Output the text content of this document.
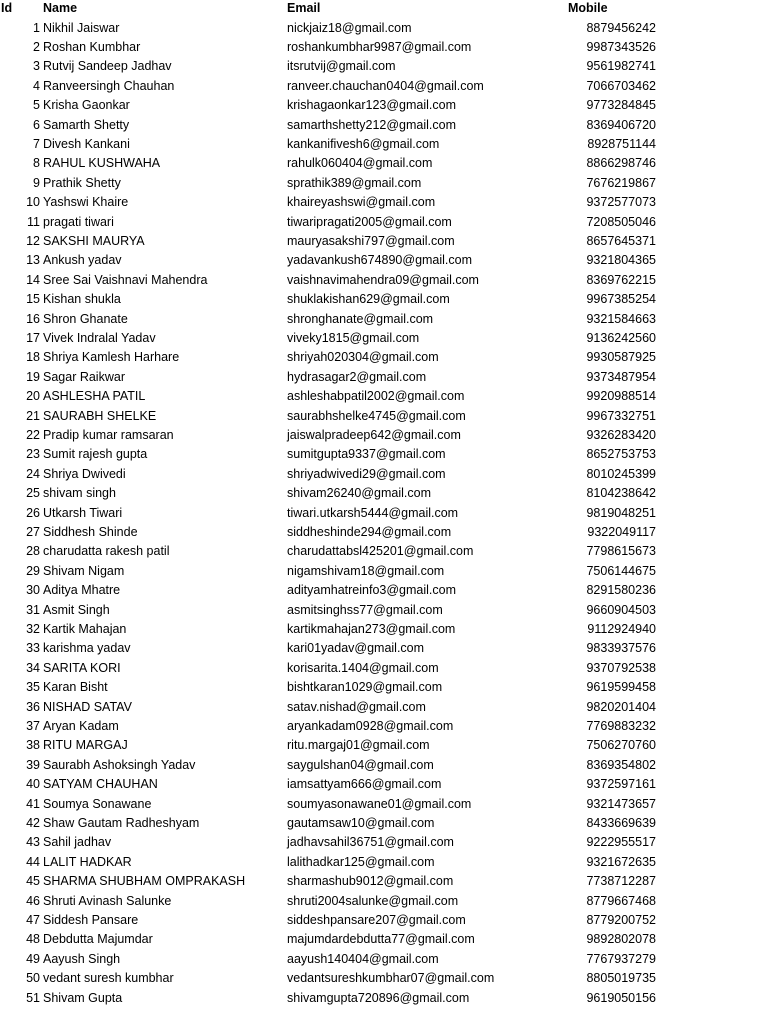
Id	Name	Email	Mobile
1 Nikhil Jaiswar	nickjaiz18@gmail.com	8879456242
2 Roshan Kumbhar	roshankumbhar9987@gmail.com	9987343526
3 Rutvij Sandeep Jadhav	itsrutvij@gmail.com	9561982741
4 Ranveersingh Chauhan	ranveer.chauchan0404@gmail.com	7066703462
5 Krisha Gaonkar	krishagaonkar123@gmail.com	9773284845
6 Samarth Shetty	samarthshetty212@gmail.com	8369406720
7 Divesh Kankani	kankanifivesh6@gmail.com	8928751144
8 RAHUL KUSHWAHA	rahulk060404@gmail.com	8866298746
9 Prathik Shetty	sprathik389@gmail.com	7676219867
10 Yashswi Khaire	khaireyashswi@gmail.com	9372577073
11 pragati tiwari	tiwaripragati2005@gmail.com	7208505046
12 SAKSHI MAURYA	mauryasakshi797@gmail.com	8657645371
13 Ankush yadav	yadavankush674890@gmail.com	9321804365
14 Sree Sai Vaishnavi Mahendra	vaishnavimahendra09@gmail.com	8369762215
15 Kishan shukla	shuklakishan629@gmail.com	9967385254
16 Shron Ghanate	shronghanate@gmail.com	9321584663
17 Vivek Indralal Yadav	viveky1815@gmail.com	9136242560
18 Shriya Kamlesh Harhare	shriyah020304@gmail.com	9930587925
19 Sagar Raikwar	hydrasagar2@gmail.com	9373487954
20 ASHLESHA PATIL	ashleshabpatil2002@gmail.com	9920988514
21 SAURABH SHELKE	saurabhshelke4745@gmail.com	9967332751
22 Pradip kumar ramsaran	jaiswalpradeep642@gmail.com	9326283420
23 Sumit rajesh gupta	sumitgupta9337@gmail.com	8652753753
24 Shriya Dwivedi	shriyadwivedi29@gmail.com	8010245399
25 shivam singh	shivam26240@gmail.com	8104238642
26 Utkarsh Tiwari	tiwari.utkarsh5444@gmail.com	9819048251
27 Siddhesh Shinde	siddheshinde294@gmail.com	9322049117
28 charudatta rakesh patil	charudattabsl425201@gmail.com	7798615673
29 Shivam Nigam	nigamshivam18@gmail.com	7506144675
30 Aditya Mhatre	adityamhatreinfo3@gmail.com	8291580236
31 Asmit Singh	asmitsinghss77@gmail.com	9660904503
32 Kartik Mahajan	kartikmahajan273@gmail.com	9112924940
33 karishma yadav	kari01yadav@gmail.com	9833937576
34 SARITA KORI	korisarita.1404@gmail.com	9370792538
35 Karan Bisht	bishtkaran1029@gmail.com	9619599458
36 NISHAD SATAV	satav.nishad@gmail.com	9820201404
37 Aryan Kadam	aryankadam0928@gmail.com	7769883232
38 RITU MARGAJ	ritu.margaj01@gmail.com	7506270760
39 Saurabh Ashoksingh Yadav	saygulshan04@gmail.com	8369354802
40 SATYAM CHAUHAN	iamsattyam666@gmail.com	9372597161
41 Soumya Sonawane	soumyasonawane01@gmail.com	9321473657
42 Shaw Gautam Radheshyam	gautamsaw10@gmail.com	8433669639
43 Sahil jadhav	jadhavsahil36751@gmail.com	9222955517
44 LALIT HADKAR	lalithadkar125@gmail.com	9321672635
45 SHARMA SHUBHAM OMPRAKASH	sharmashub9012@gmail.com	7738712287
46 Shruti Avinash Salunke	shruti2004salunke@gmail.com	8779667468
47 Siddesh Pansare	siddeshpansare207@gmail.com	8779200752
48 Debdutta Majumdar	majumdardebdutta77@gmail.com	9892802078
49 Aayush Singh	aayush140404@gmail.com	7767937279
50 vedant suresh kumbhar	vedantsureshkumbhar07@gmail.com	8805019735
51 Shivam Gupta	shivamgupta720896@gmail.com	9619050156
